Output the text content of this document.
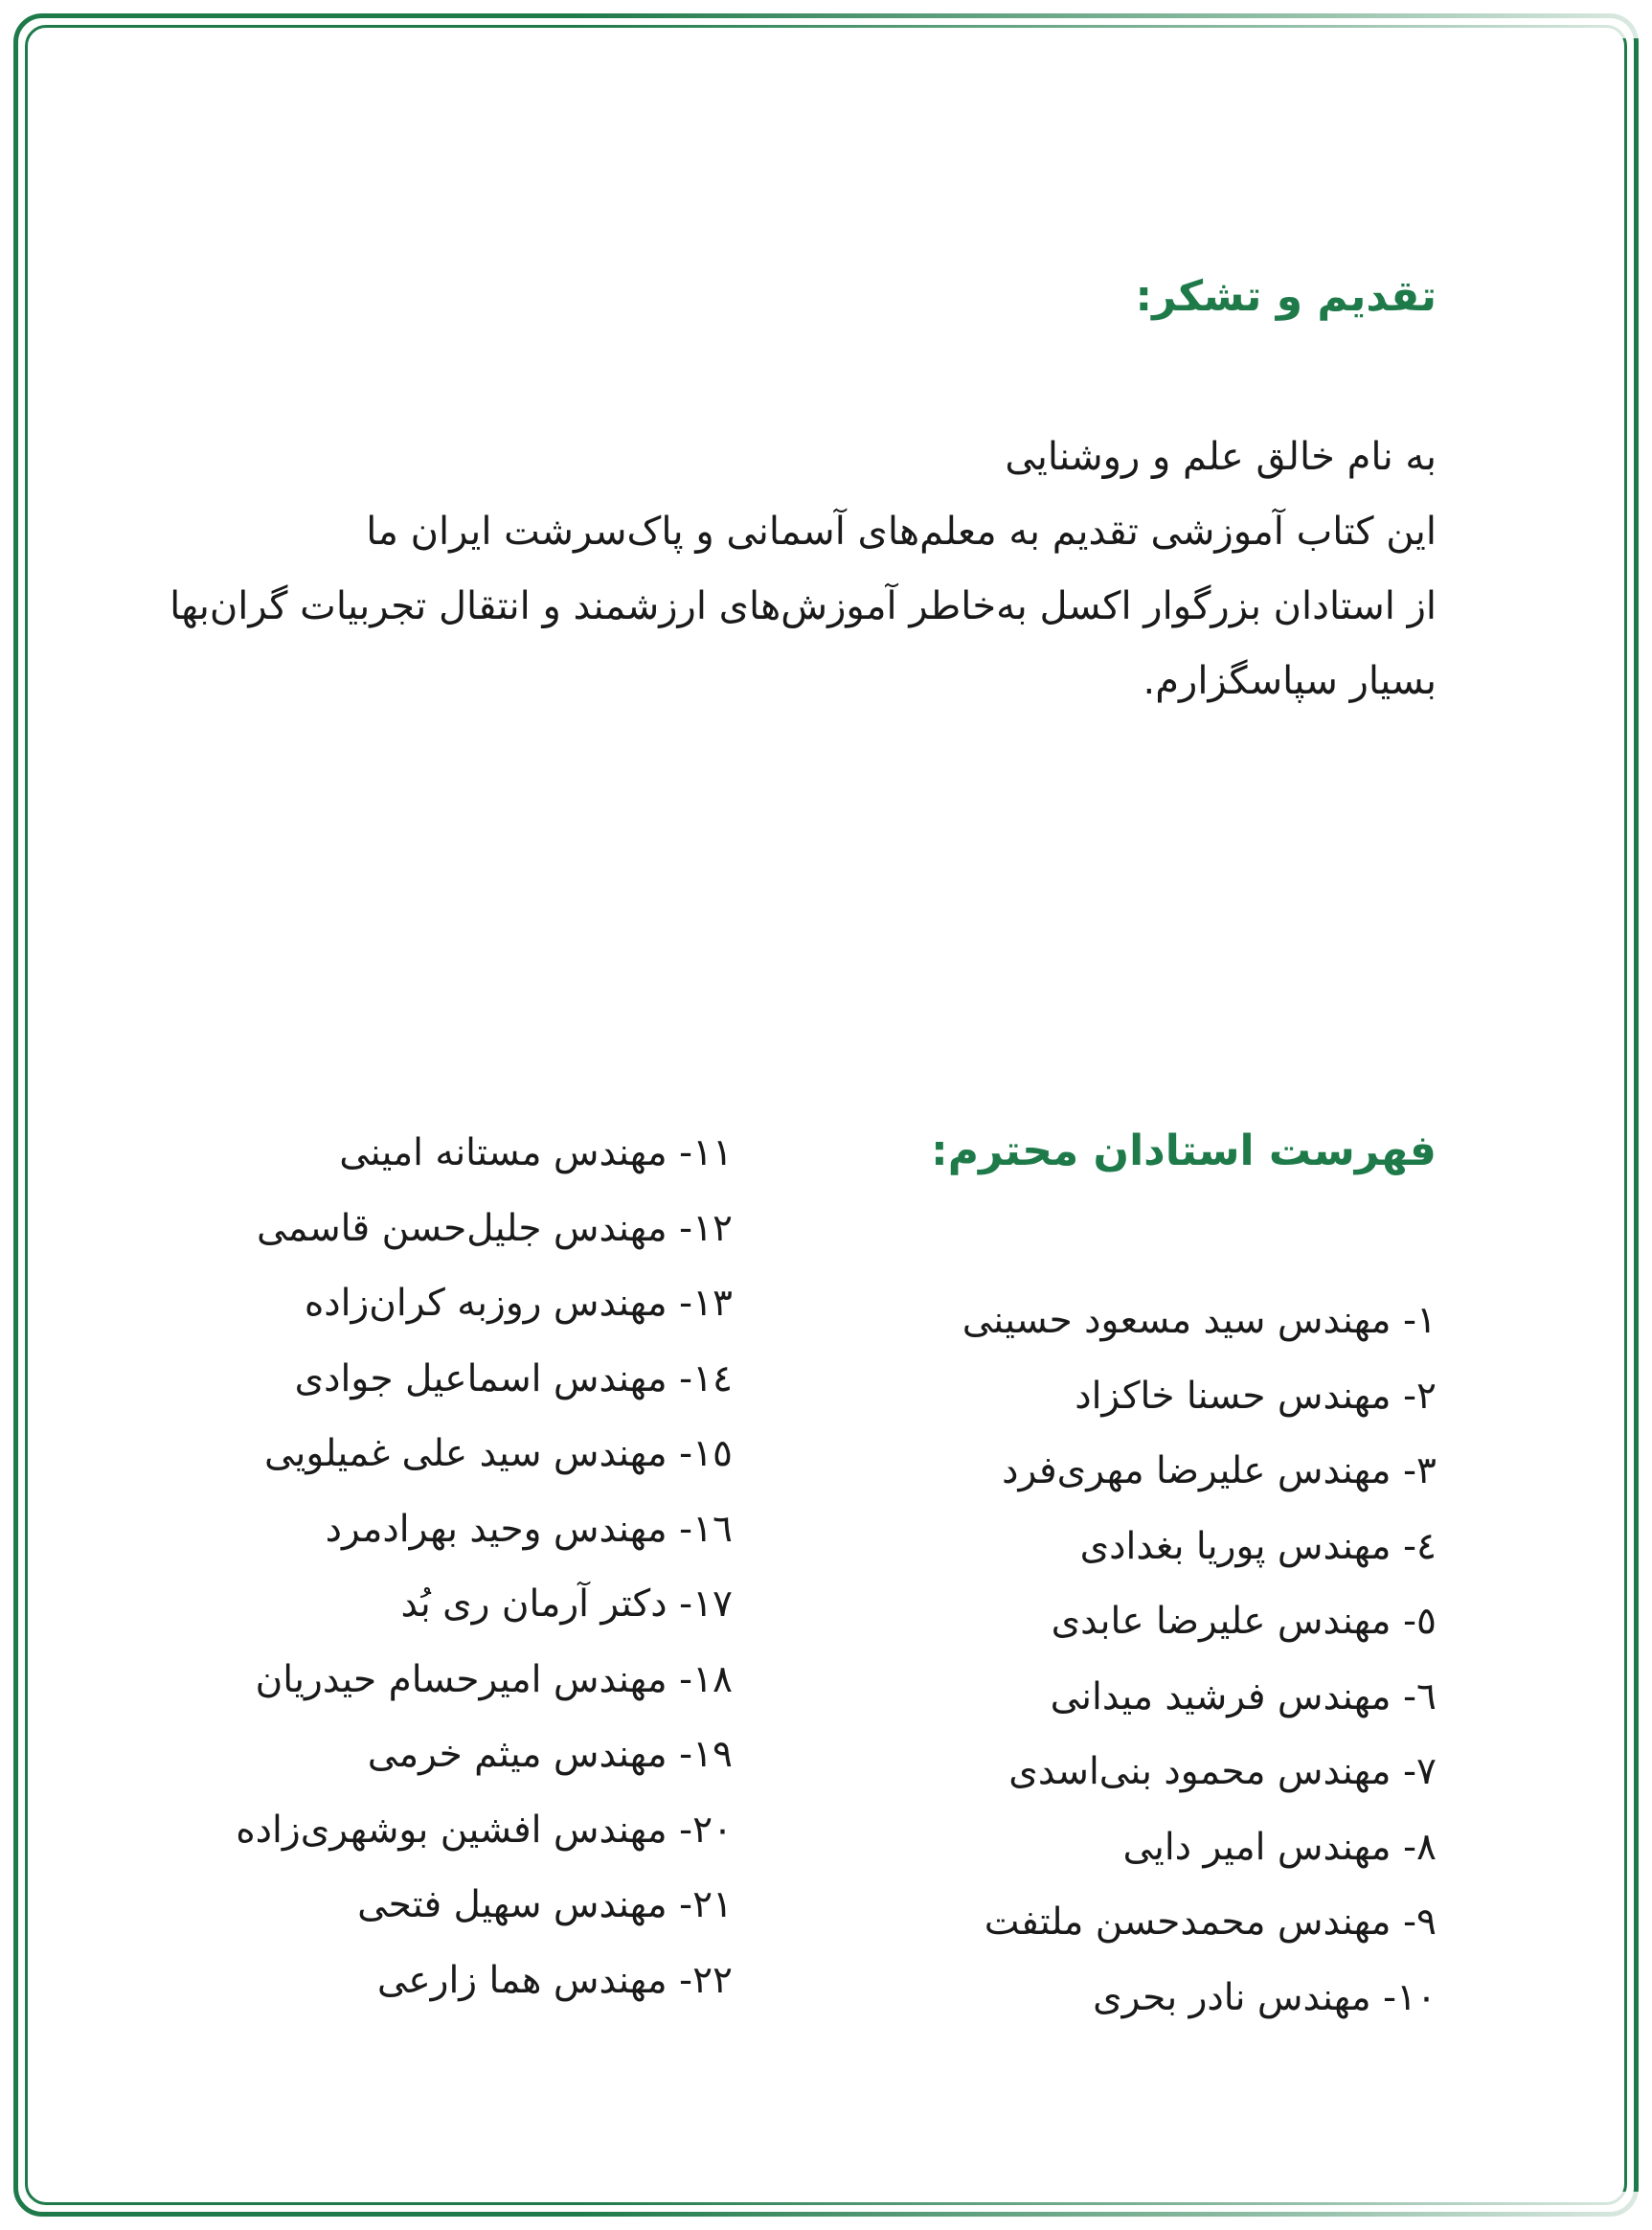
تقدیم و تشکر:
به نام خالق علم و روشنایی
این کتاب آموزشی تقدیم به معلم‌های آسمانی و پاک‌سرشت ایران ما
از استادان بزرگوار اکسل به‌خاطر آموزش‌های ارزشمند و انتقال تجربیات گران‌بها
بسیار سپاسگزارم.
فهرست استادان محترم:
۱- مهندس سید مسعود حسینی
۲- مهندس حسنا خاکزاد
۳- مهندس علیرضا مهری‌فرد
٤- مهندس پوریا بغدادی
٥- مهندس علیرضا عابدی
٦- مهندس فرشید میدانی
۷- مهندس محمود بنی‌اسدی
۸- مهندس امیر دایی
۹- مهندس محمدحسن ملتفت
۱۰- مهندس نادر بحری
۱۱- مهندس مستانه امینی
۱۲- مهندس جلیل‌حسن قاسمی
۱۳- مهندس روزبه کران‌زاده
١٤- مهندس اسماعیل جوادی
١٥- مهندس سید علی غمیلویی
١٦- مهندس وحید بهرادمرد
۱۷- دکتر آرمان ری بُد
۱۸- مهندس امیرحسام حیدریان
۱۹- مهندس میثم خرمی
۲۰- مهندس افشین بوشهری‌زاده
۲۱- مهندس سهیل فتحی
۲۲- مهندس هما زارعی
